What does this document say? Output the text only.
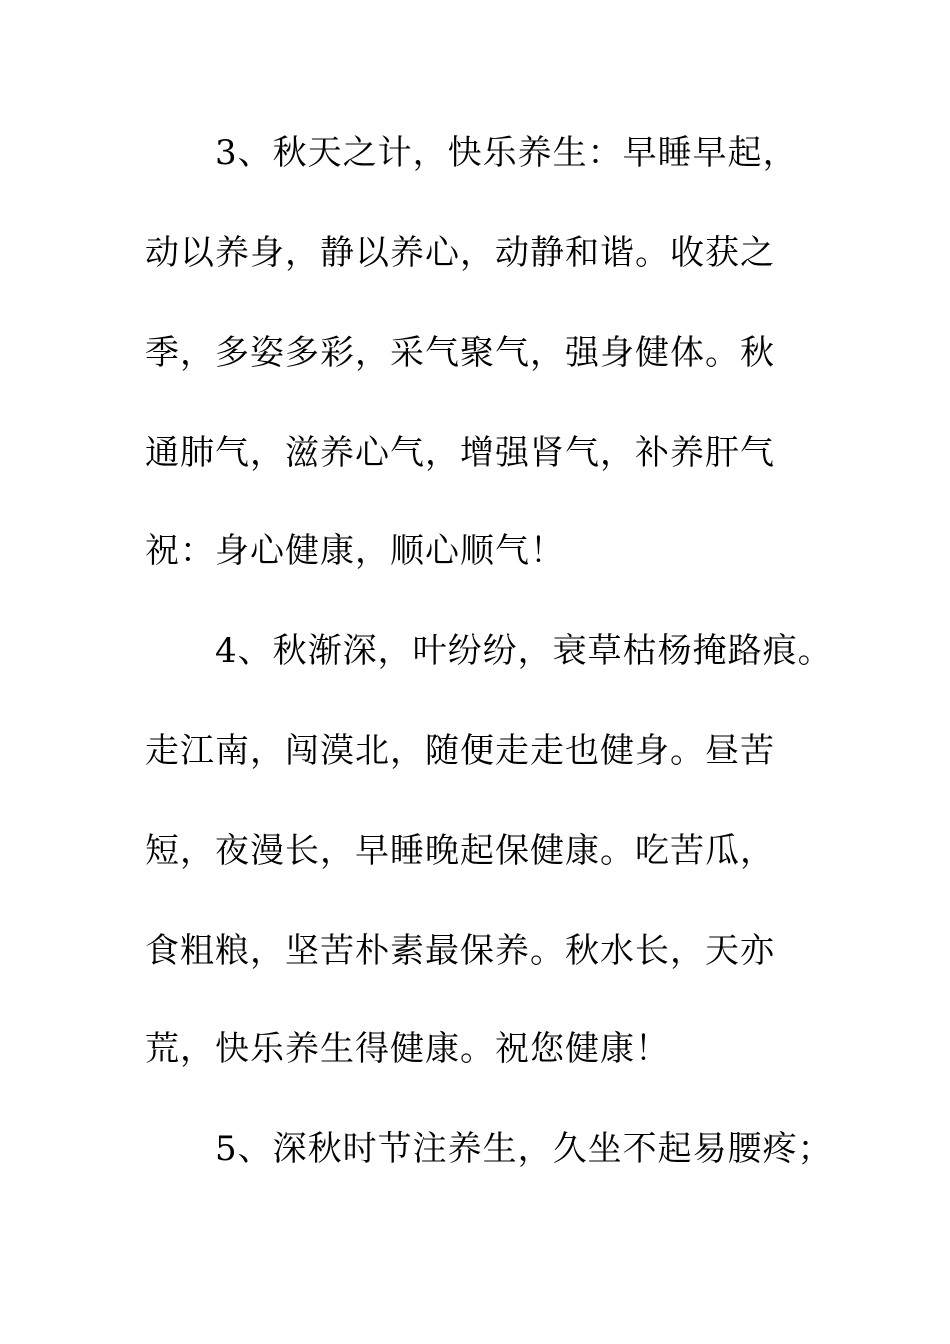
3、秋天之计，快乐养生：早睡早起，
动以养身，静以养心，动静和谐。收获之
季，多姿多彩，采气聚气，强身健体。秋
通肺气，滋养心气，增强肾气，补养肝气
祝：身心健康，顺心顺气！
4、秋渐深，叶纷纷，衰草枯杨掩路痕。
走江南，闯漠北，随便走走也健身。昼苦
短，夜漫长，早睡晚起保健康。吃苦瓜，
食粗粮，坚苦朴素最保养。秋水长，天亦
荒，快乐养生得健康。祝您健康！
5、深秋时节注养生，久坐不起易腰疼；
